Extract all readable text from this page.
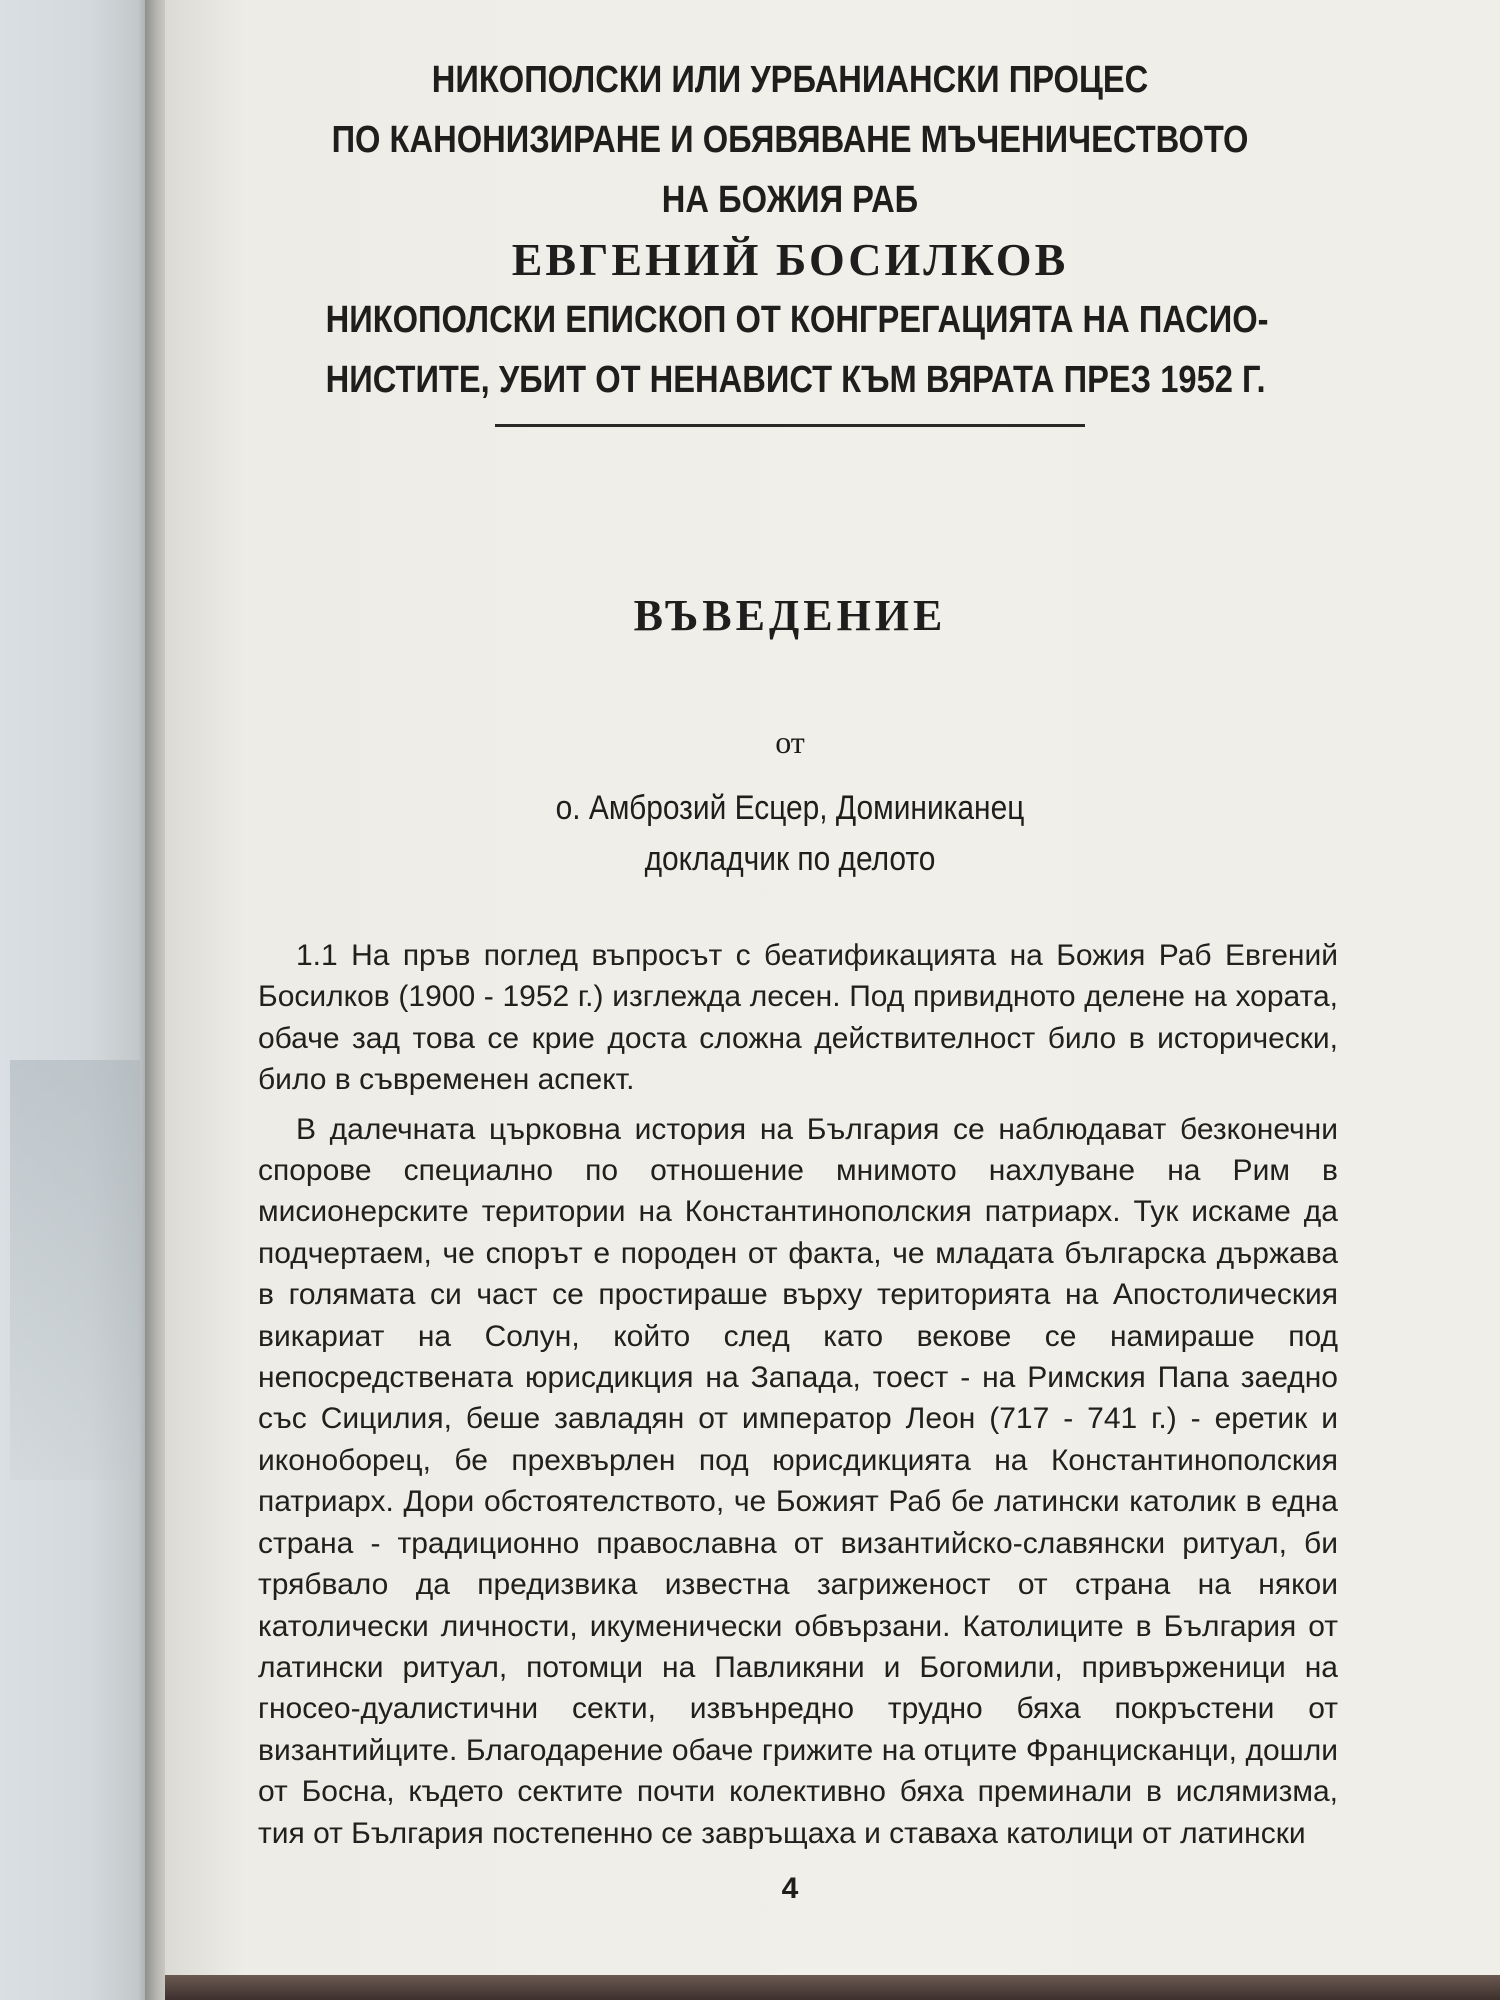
НИКОПОЛСКИ ИЛИ УРБАНИАНСКИ ПРОЦЕС
ПО КАНОНИЗИРАНЕ И ОБЯВЯВАНЕ МЪЧЕНИЧЕСТВОТО
НА БОЖИЯ РАБ
ЕВГЕНИЙ БОСИЛКОВ
НИКОПОЛСКИ ЕПИСКОП ОТ КОНГРЕГАЦИЯТА НА ПАСИО-
НИСТИТЕ, УБИТ ОТ НЕНАВИСТ КЪМ ВЯРАТА ПРЕЗ 1952 Г.
ВЪВЕДЕНИЕ
от
о. Амброзий Есцер, Доминиканец
докладчик по делото

1.1 На пръв поглед въпросът с беатификацията на Божия Раб Евгений Босилков (1900 - 1952 г.) изглежда лесен. Под привидното делене на хората, обаче зад това се крие доста сложна действителност било в исторически, било в съвременен аспект.

В далечната църковна история на България се наблюдават безконечни спорове специално по отношение мнимото нахлуване на Рим в мисионерските територии на Константинополския патриарх. Тук искаме да подчертаем, че спорът е породен от факта, че младата българска държава в голямата си част се простираше върху територията на Апостолическия викариат на Солун, който след като векове се намираше под непосредствената юрисдикция на Запада, тоест - на Римския Папа заедно със Сицилия, беше завладян от император Леон (717 - 741 г.) - еретик и иконоборец, бе прехвърлен под юрисдикцията на Константинополския патриарх. Дори обстоятелството, че Божият Раб бе латински католик в една страна - традиционно православна от византийско-славянски ритуал, би трябвало да предизвика известна загриженост от страна на някои католически личности, икуменически обвързани. Католиците в България от латински ритуал, потомци на Павликяни и Богомили, привърженици на гносео-дуалистични секти, извънредно трудно бяха покръстени от византийците. Благодарение обаче грижите на отците Францисканци, дошли от Босна, където сектите почти колективно бяха преминали в ислямизма, тия от България постепенно се завръщаха и ставаха католици от латински

4
